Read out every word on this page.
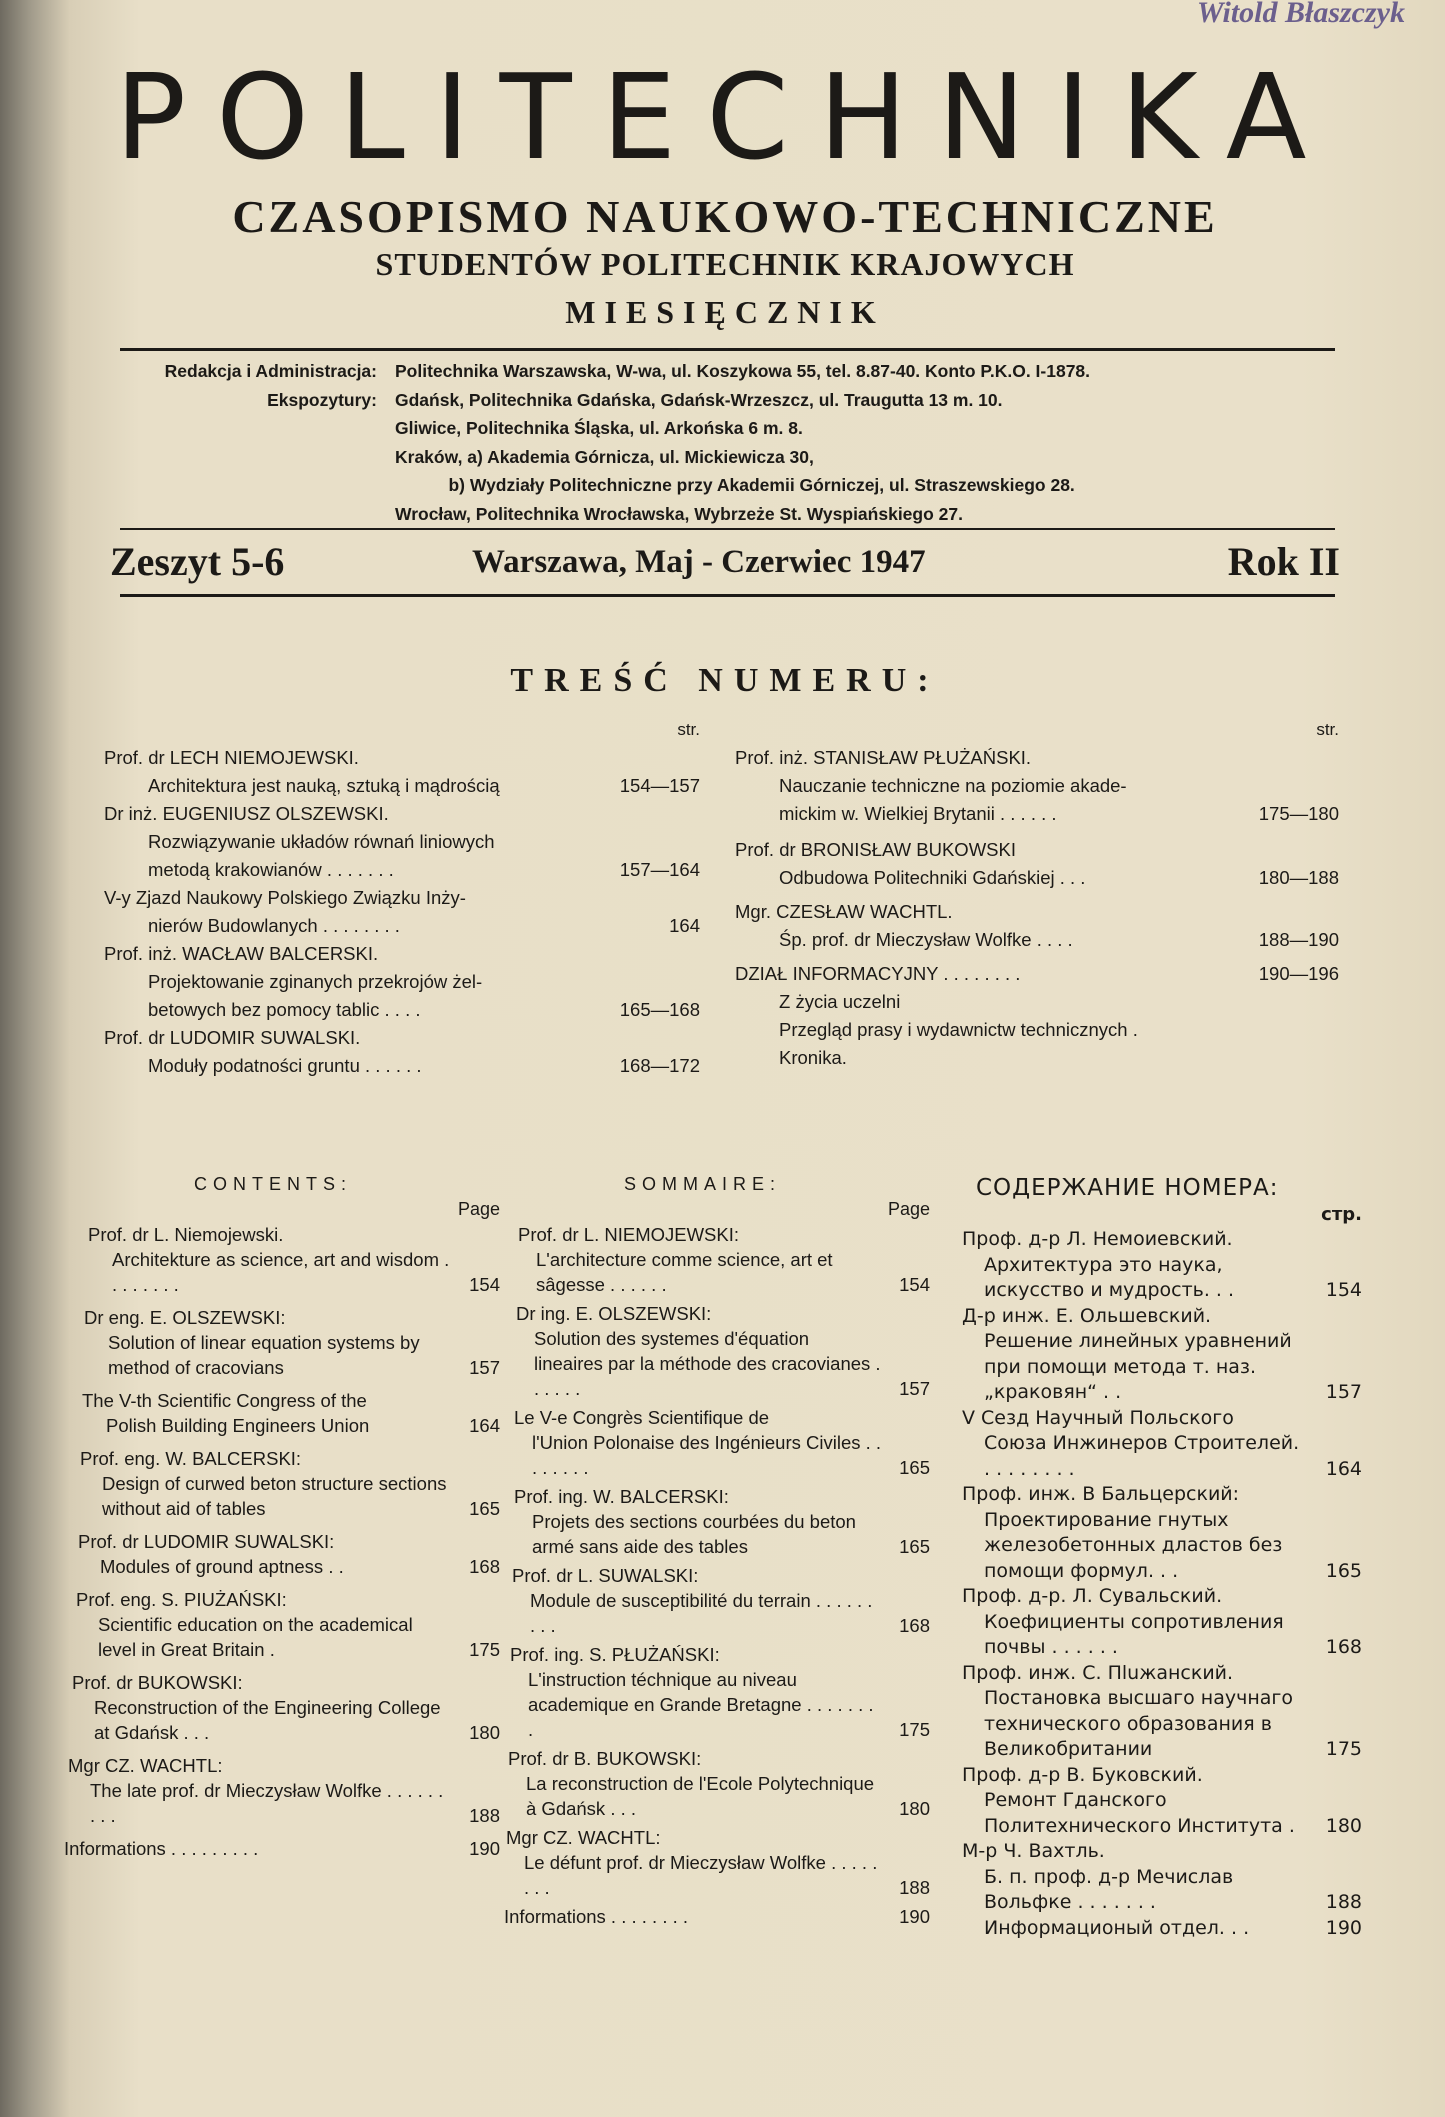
Witold Błaszczyk
POLITECHNIKA
CZASOPISMO NAUKOWO-TECHNICZNE
STUDENTÓW POLITECHNIK KRAJOWYCH
MIESIĘCZNIK
Redakcja i Administracja:	Politechnika Warszawska, W-wa, ul. Koszykowa 55, tel. 8.87-40. Konto P.K.O. I-1878.
Ekspozytury:	Gdańsk, Politechnika Gdańska, Gdańsk-Wrzeszcz, ul. Traugutta 13 m. 10.
Gliwice, Politechnika Śląska, ul. Arkońska 6 m. 8.
Kraków, a) Akademia Górnicza, ul. Mickiewicza 30,
b) Wydziały Politechniczne przy Akademii Górniczej, ul. Straszewskiego 28.
Wrocław, Politechnika Wrocławska, Wybrzeże St. Wyspiańskiego 27.
Zeszyt 5-6	Warszawa, Maj - Czerwiec 1947	Rok II
TREŚĆ NUMERU:
str.
Prof. dr LECH NIEMOJEWSKI.
Architektura jest nauką, sztuką i mądrością	154—157
Dr inż. EUGENIUSZ OLSZEWSKI.
Rozwiązywanie układów równań liniowych
metodą krakowianów . . . . . . .	157—164
V-y Zjazd Naukowy Polskiego Związku Inży-
nierów Budowlanych . . . . . . . .	164
Prof. inż. WACŁAW BALCERSKI.
Projektowanie zginanych przekrojów żel-
betowych bez pomocy tablic . . . .	165—168
Prof. dr LUDOMIR SUWALSKI.
Moduły podatności gruntu . . . . . .	168—172
str.
Prof. inż. STANISŁAW PŁUŻAŃSKI.
Nauczanie techniczne na poziomie akade-
mickim w. Wielkiej Brytanii . . . . . .	175—180
Prof. dr BRONISŁAW BUKOWSKI
Odbudowa Politechniki Gdańskiej . . .	180—188
Mgr. CZESŁAW WACHTL.
Śp. prof. dr Mieczysław Wolfke . . . .	188—190
DZIAŁ INFORMACYJNY . . . . . . . .	190—196
Z życia uczelni
Przegląd prasy i wydawnictw technicznych .
Kronika.
CONTENTS:
Page
Prof. dr L. Niemojewski.
Architekture as science, art and wisdom . . . . . . . .	154
Dr eng. E. OLSZEWSKI:
Solution of linear equation systems by method of cracovians	157
The V-th Scientific Congress of the
Polish Building Engineers Union	164
Prof. eng. W. BALCERSKI:
Design of curwed beton structure sections without aid of tables	165
Prof. dr LUDOMIR SUWALSKI:
Modules of ground aptness . .	168
Prof. eng. S. PIUŻAŃSKI:
Scientific education on the academical level in Great Britain .	175
Prof. dr BUKOWSKI:
Reconstruction of the Engineering College at Gdańsk . . .	180
Mgr CZ. WACHTL:
The late prof. dr Mieczysław Wolfke . . . . . . . . .	188
Informations . . . . . . . . .	190
SOMMAIRE:
Page
Prof. dr L. NIEMOJEWSKI:
L'architecture comme science, art et sâgesse . . . . . .	154
Dr ing. E. OLSZEWSKI:
Solution des systemes d'équation lineaires par la méthode des cracovianes . . . . . .	157
Le V-e Congrès Scientifique de
l'Union Polonaise des Ingénieurs Civiles . . . . . . . .	165
Prof. ing. W. BALCERSKI:
Projets des sections courbées du beton armé sans aide des tables	165
Prof. dr L. SUWALSKI:
Module de susceptibilité du terrain . . . . . . . . .	168
Prof. ing. S. PŁUŻAŃSKI:
L'instruction téchnique au niveau academique en Grande Bretagne . . . . . . . .	175
Prof. dr B. BUKOWSKI:
La reconstruction de l'Ecole Polytechnique à Gdańsk . . .	180
Mgr CZ. WACHTL:
Le défunt prof. dr Mieczysław Wolfke . . . . . . . .	188
Informations . . . . . . . .	190
СОДЕРЖАНИЕ НОМЕРА:
стр.
Проф. д-р Л. Немоиевский.
Архитектура это наука, искусство и мудрость. . .	154
Д-р инж. Е. Ольшевский.
Решение линейных уравнений при помощи метода т. наз. „краковян“ . .	157
V Сезд Научный Польского
Союза Инжинеров Строителей. . . . . . . . .	164
Проф. инж. В Бальцерский:
Проектирование гнутых железобетонных дластов без помощи формул. . .	165
Проф. д-р. Л. Сувальский.
Коефициенты сопротивления почвы . . . . . .	168
Проф. инж. С. Пluжанский.
Постановка высшаго научнаго технического образования в Великобритании	175
Проф. д-р В. Буковский.
Ремонт Гданского Политехнического Института .	180
М-р Ч. Вахтль.
Б. п. проф. д-р Мечислав Вольфке . . . . . . .	188
Информационый отдел. . .	190
